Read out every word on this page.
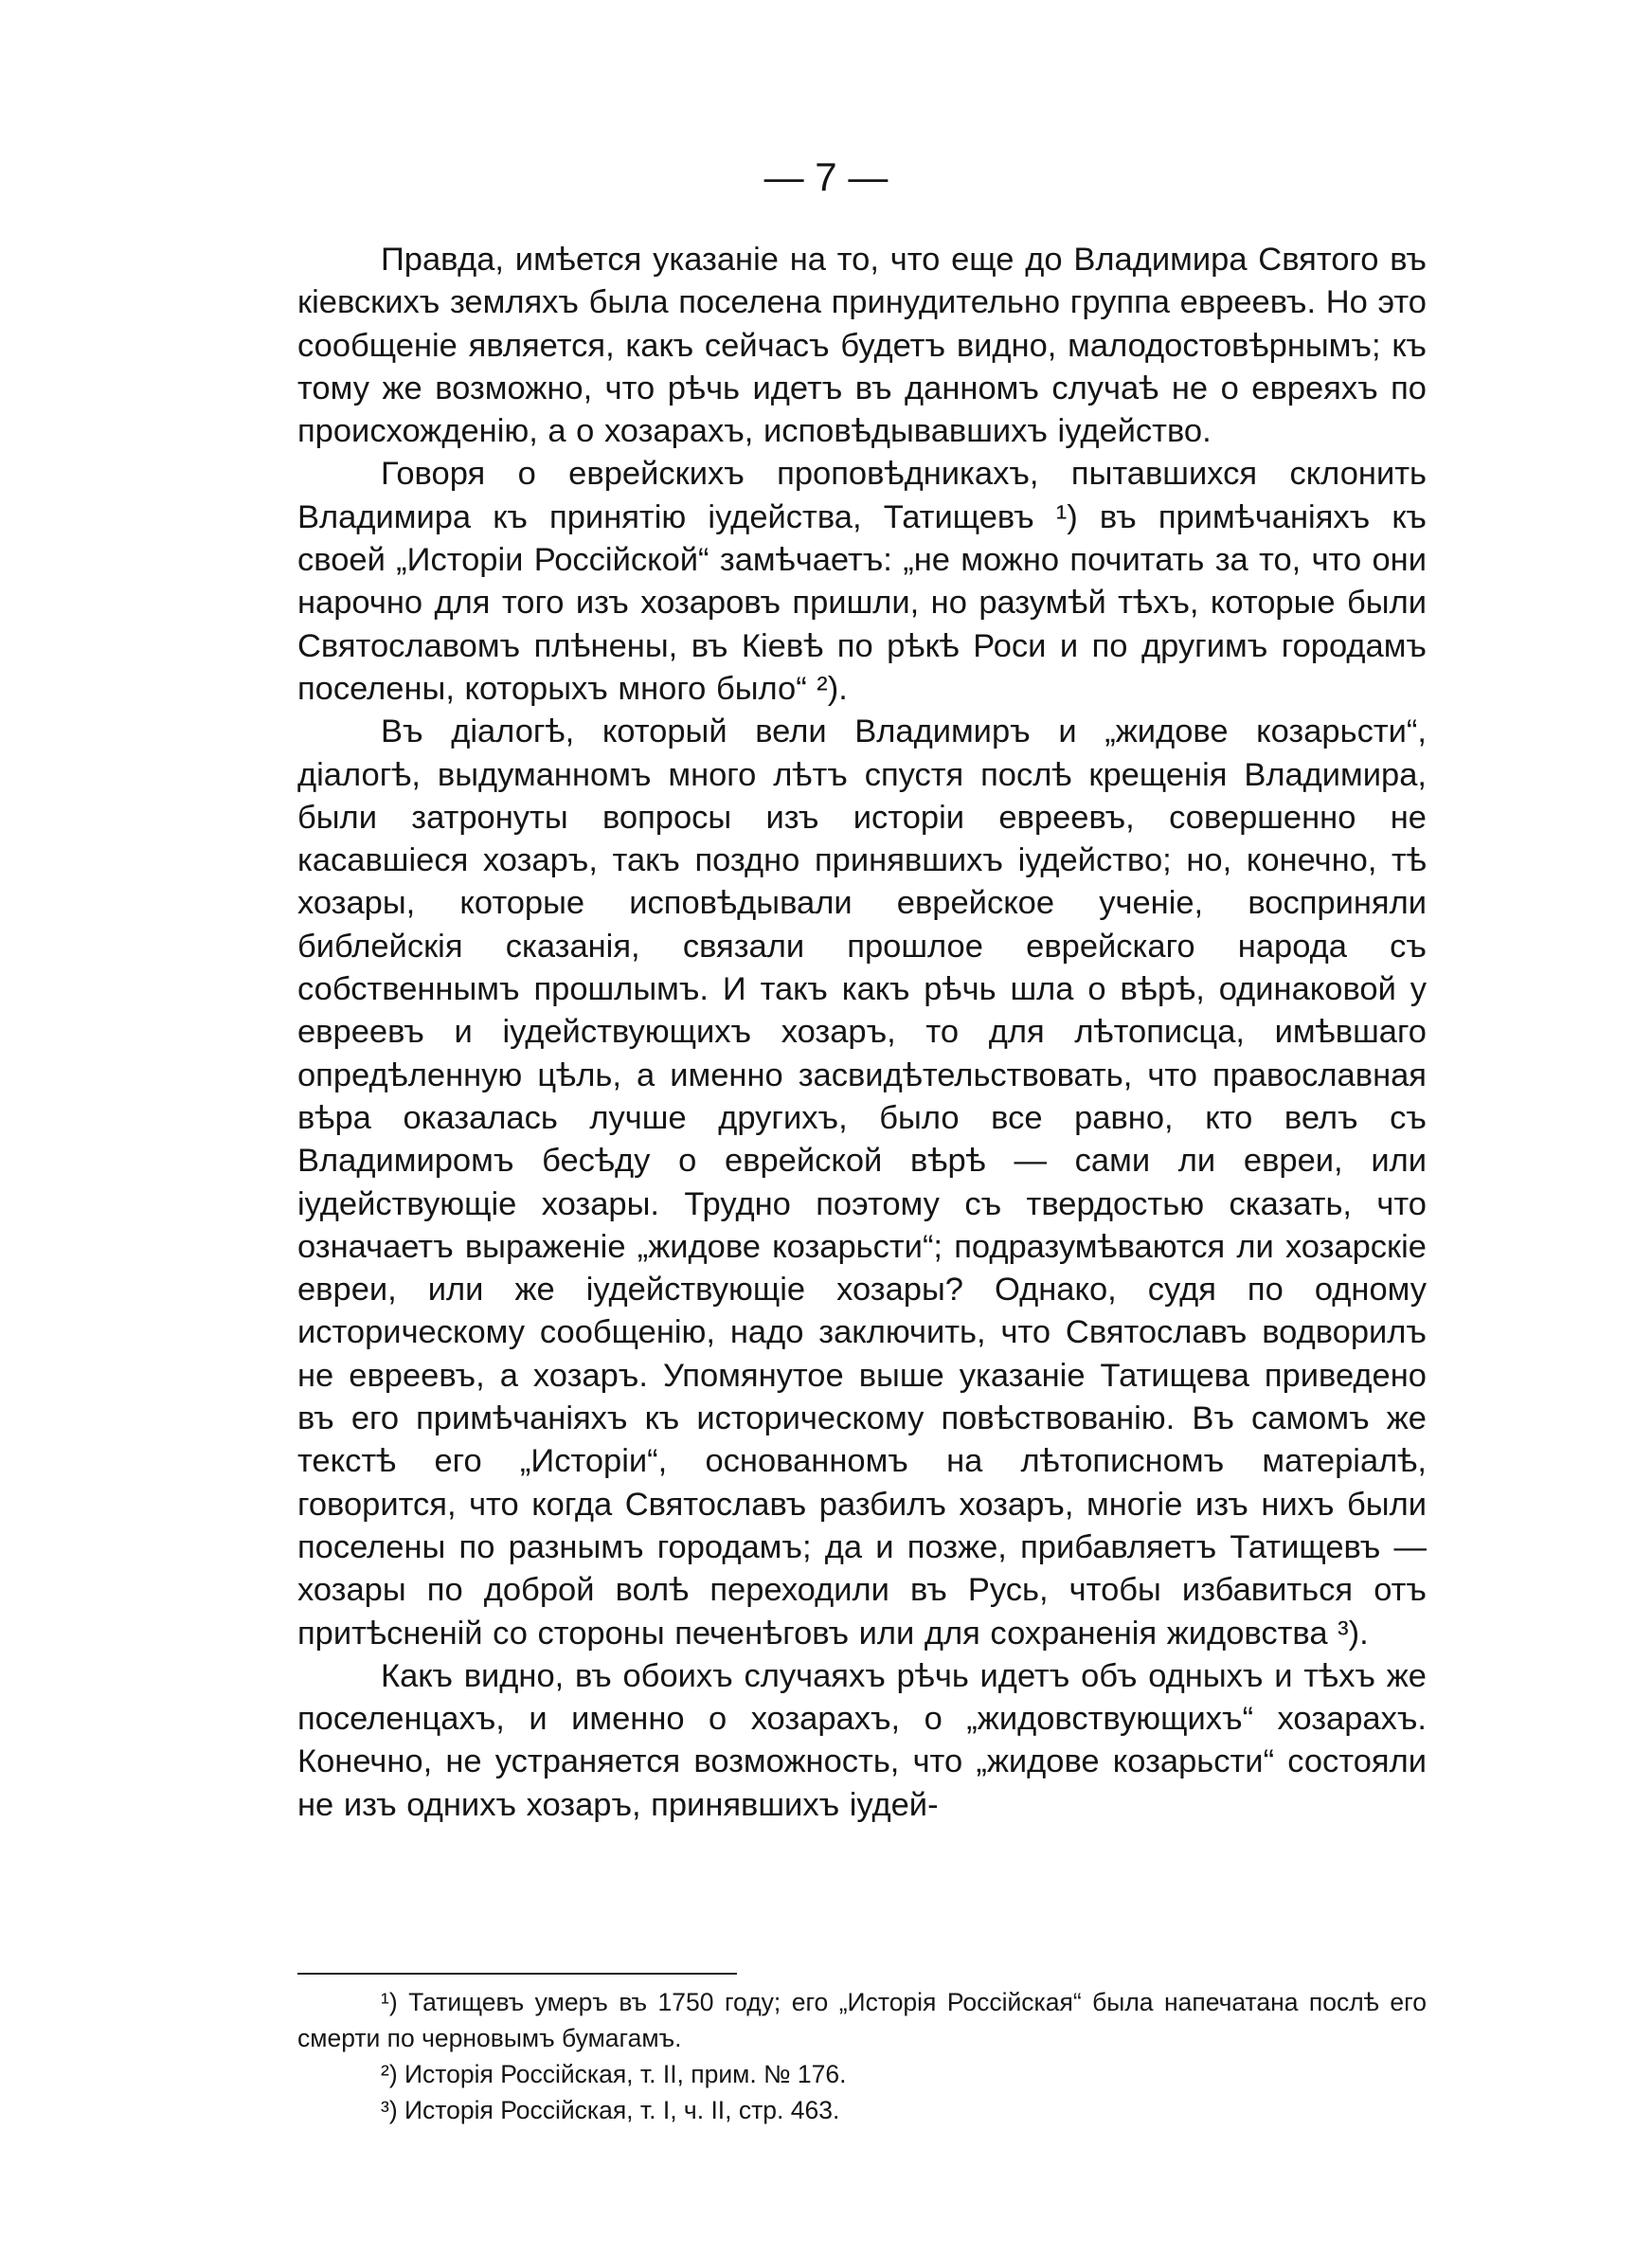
— 7 —

Правда, имѣется указаніе на то, что еще до Владимира Святого въ кіевскихъ земляхъ была поселена принудительно группа евреевъ. Но это сообщеніе является, какъ сейчасъ будетъ видно, малодостовѣрнымъ; къ тому же возможно, что рѣчь идетъ въ данномъ случаѣ не о евреяхъ по происхожденію, а о хозарахъ, исповѣдывавшихъ іудейство.

Говоря о еврейскихъ проповѣдникахъ, пытавшихся склонить Владимира къ принятію іудейства, Татищевъ ¹) въ примѣчаніяхъ къ своей „Исторіи Россійской“ замѣчаетъ: „не можно почитать за то, что они нарочно для того изъ хозаровъ пришли, но разумѣй тѣхъ, которые были Святославомъ плѣнены, въ Кіевѣ по рѣкѣ Роси и по другимъ городамъ поселены, которыхъ много было“ ²).

Въ діалогѣ, который вели Владимиръ и „жидове козарьсти“, діалогѣ, выдуманномъ много лѣтъ спустя послѣ крещенія Владимира, были затронуты вопросы изъ исторіи евреевъ, совершенно не касавшіеся хозаръ, такъ поздно принявшихъ іудейство; но, конечно, тѣ хозары, которые исповѣдывали еврейское ученіе, восприняли библейскія сказанія, связали прошлое еврейскаго народа съ собственнымъ прошлымъ. И такъ какъ рѣчь шла о вѣрѣ, одинаковой у евреевъ и іудействующихъ хозаръ, то для лѣтописца, имѣвшаго опредѣленную цѣль, а именно засвидѣтельствовать, что православная вѣра оказалась лучше другихъ, было все равно, кто велъ съ Владимиромъ бесѣду о еврейской вѣрѣ — сами ли евреи, или іудействующіе хозары. Трудно поэтому съ твердостью сказать, что означаетъ выраженіе „жидове козарьсти“; подразумѣваются ли хозарскіе евреи, или же іудействующіе хозары? Однако, судя по одному историческому сообщенію, надо заключить, что Святославъ водворилъ не евреевъ, а хозаръ. Упомянутое выше указаніе Татищева приведено въ его примѣчаніяхъ къ историческому повѣствованію. Въ самомъ же текстѣ его „Исторіи“, основанномъ на лѣтописномъ матеріалѣ, говорится, что когда Святославъ разбилъ хозаръ, многіе изъ нихъ были поселены по разнымъ городамъ; да и позже, прибавляетъ Татищевъ — хозары по доброй волѣ переходили въ Русь, чтобы избавиться отъ притѣсненій со стороны печенѣговъ или для сохраненія жидовства ³).

Какъ видно, въ обоихъ случаяхъ рѣчь идетъ объ одныхъ и тѣхъ же поселенцахъ, и именно о хозарахъ, о „жидовствующихъ“ хозарахъ. Конечно, не устраняется возможность, что „жидове козарьсти“ состояли не изъ однихъ хозаръ, принявшихъ іудей-

¹) Татищевъ умеръ въ 1750 году; его „Исторія Россійская“ была напечатана послѣ его смерти по черновымъ бумагамъ.

²) Исторія Россійская, т. II, прим. № 176.

³) Исторія Россійская, т. I, ч. II, стр. 463.
